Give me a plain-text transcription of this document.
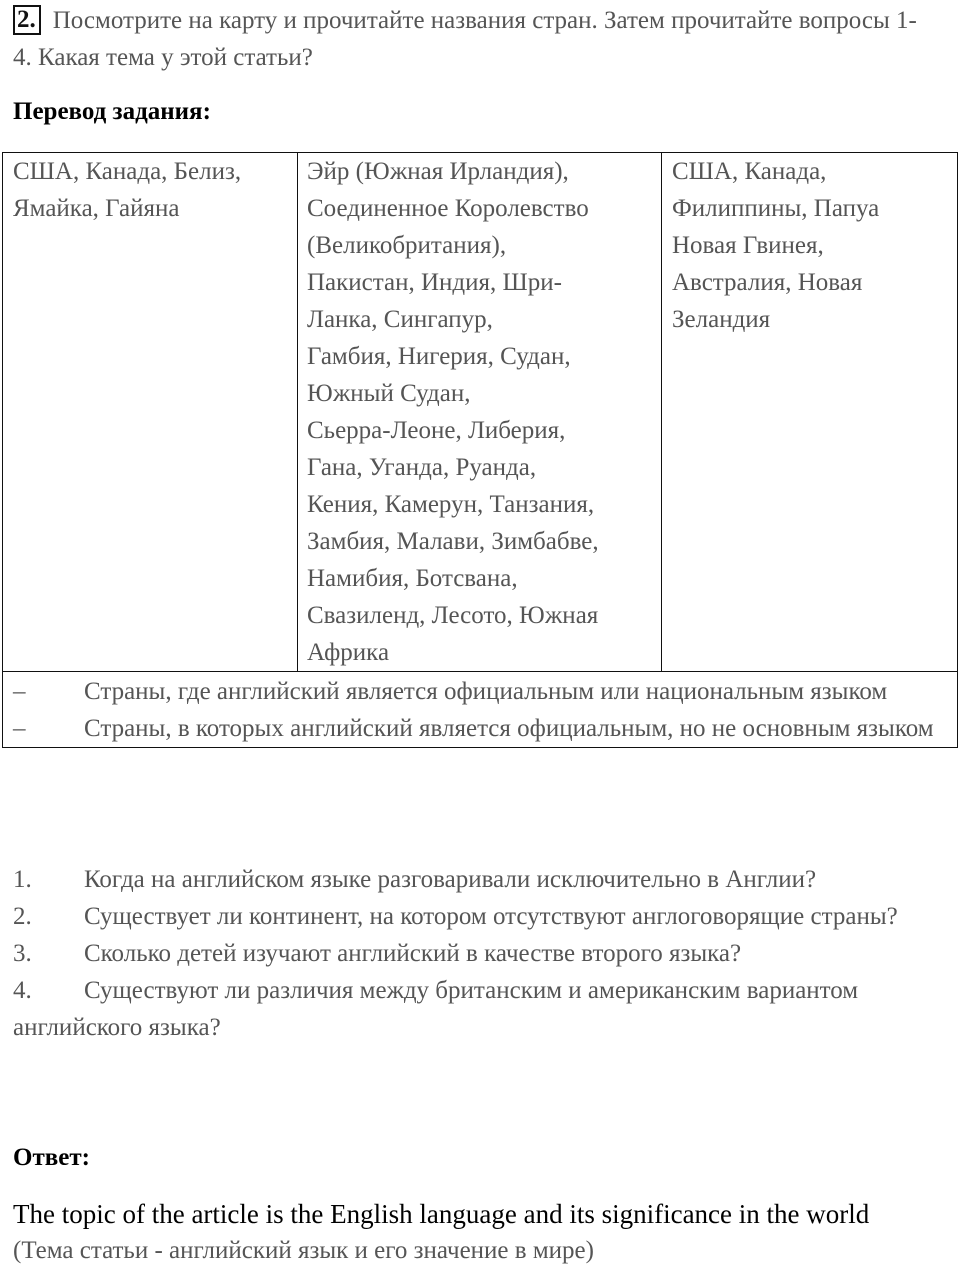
2. Посмотрите на карту и прочитайте названия стран. Затем прочитайте вопросы 1-4. Какая тема у этой статьи?
Перевод задания:
США, Канада, Белиз,
Ямайка, Гайяна

Эйр (Южная Ирландия),
Соединенное Королевство
(Великобритания),
Пакистан, Индия, Шри-
Ланка, Сингапур,
Гамбия, Нигерия, Судан,
Южный Судан,
Сьерра-Леоне, Либерия,
Гана, Уганда, Руанда,
Кения, Камерун, Танзания,
Замбия, Малави, Зимбабве,
Намибия, Ботсвана,
Свазиленд, Лесото, Южная
Африка

США, Канада,
Филиппины, Папуа
Новая Гвинея,
Австралия, Новая
Зеландия

– Страны, где английский является официальным или национальным языком
– Страны, в которых английский является официальным, но не основным языком
1. Когда на английском языке разговаривали исключительно в Англии?
2. Существует ли континент, на котором отсутствуют англоговорящие страны?
3. Сколько детей изучают английский в качестве второго языка?
4. Существуют ли различия между британским и американским вариантом английского языка?
Ответ:
The topic of the article is the English language and its significance in the world
(Тема статьи - английский язык и его значение в мире)
